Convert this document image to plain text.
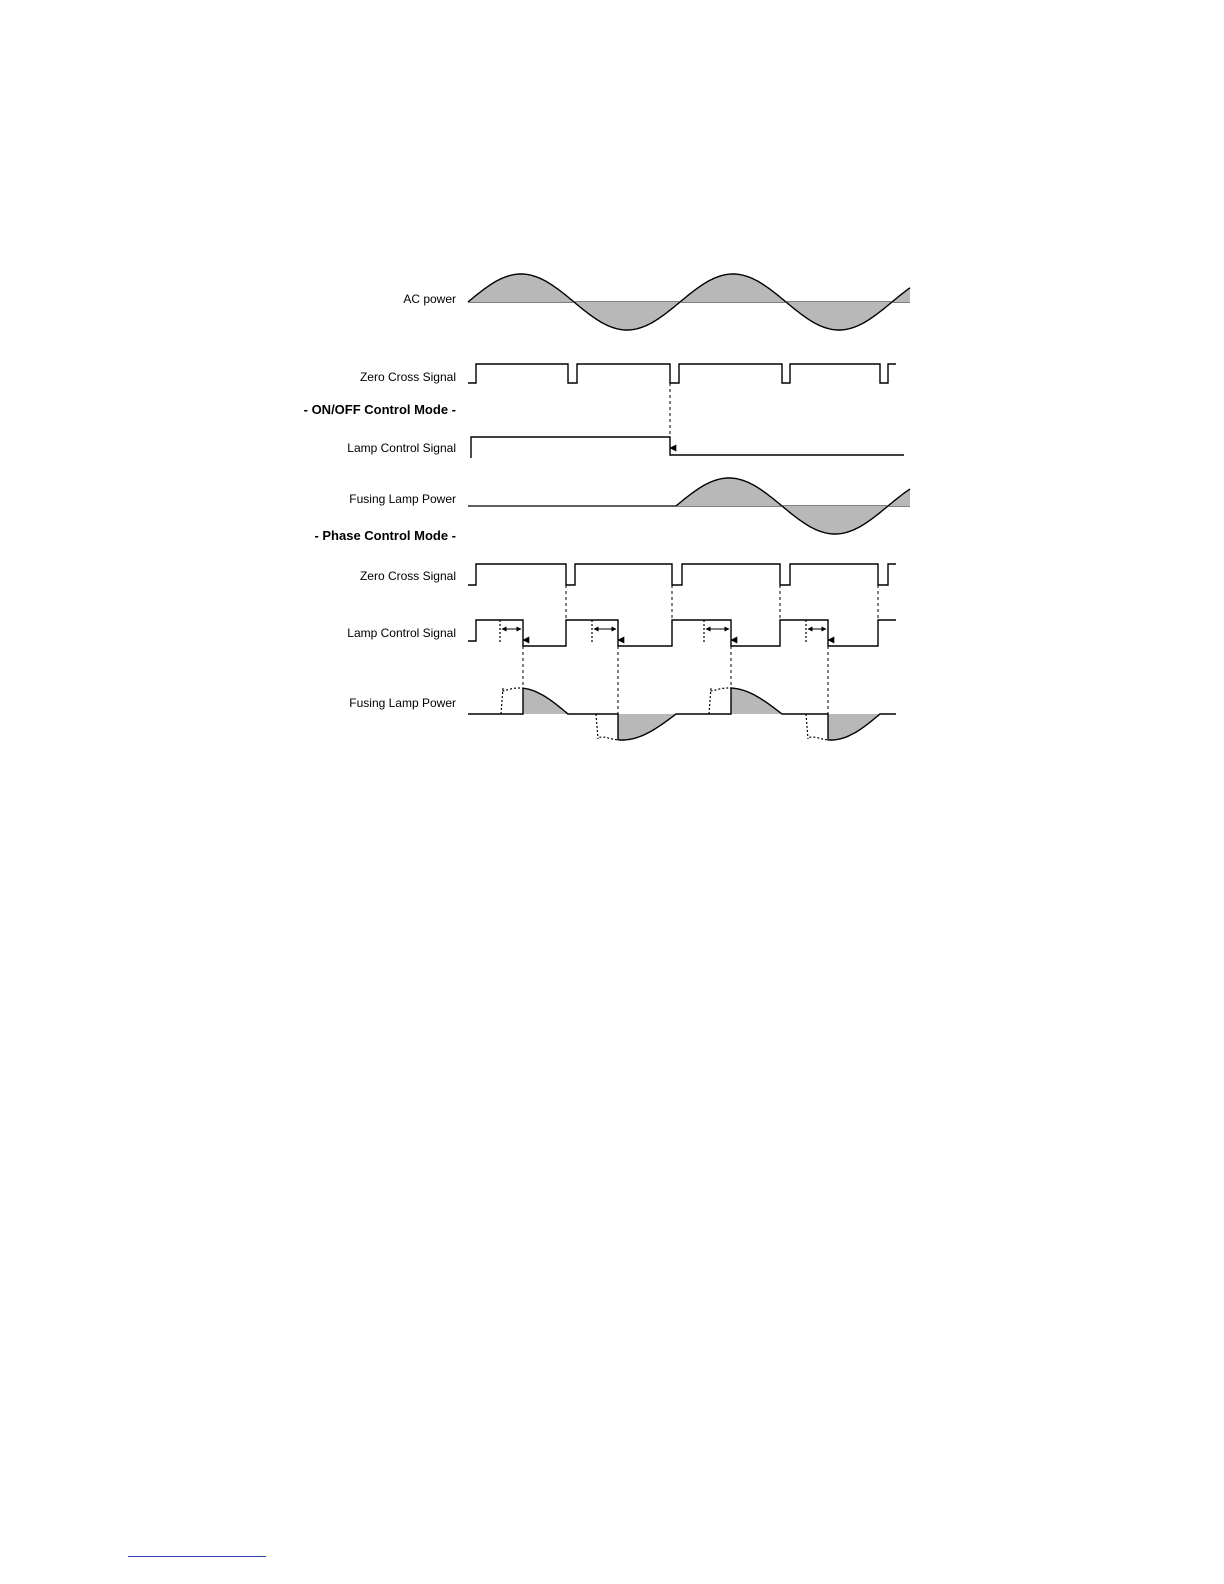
AC power
Zero Cross Signal
- ON/OFF Control Mode -
Lamp Control Signal
Fusing Lamp Power
- Phase Control Mode -
Zero Cross Signal
Lamp Control Signal
Fusing Lamp Power
